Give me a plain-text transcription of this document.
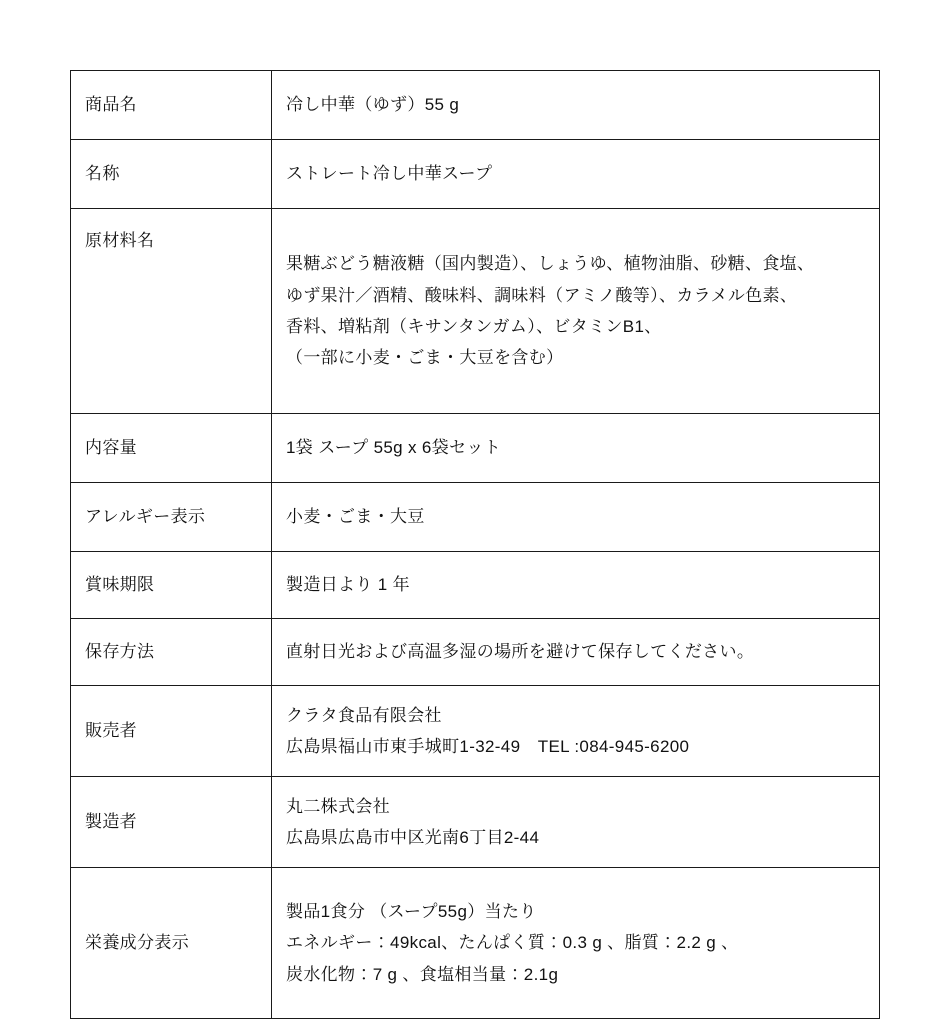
商品名	冷し中華（ゆず）55 g

名称	ストレート冷し中華スープ

原材料名	果糖ぶどう糖液糖（国内製造）、しょうゆ、植物油脂、砂糖、食塩、
ゆず果汁／酒精、酸味料、調味料（アミノ酸等）、カラメル色素、
香料、増粘剤（キサンタンガム）、ビタミンB1、
（一部に小麦・ごま・大豆を含む）

内容量	1袋 スープ 55g x 6袋セット

アレルギー表示	小麦・ごま・大豆

賞味期限	製造日より 1 年

保存方法	直射日光および高温多湿の場所を避けて保存してください。

販売者	クラタ食品有限会社
広島県福山市東手城町1-32-49　TEL :084-945-6200

製造者	丸二株式会社
広島県広島市中区光南6丁目2-44

栄養成分表示	製品1食分 （スープ55g）当たり
エネルギー：49kcal、たんぱく質：0.3 g 、脂質：2.2 g 、
炭水化物：7 g 、食塩相当量：2.1g
